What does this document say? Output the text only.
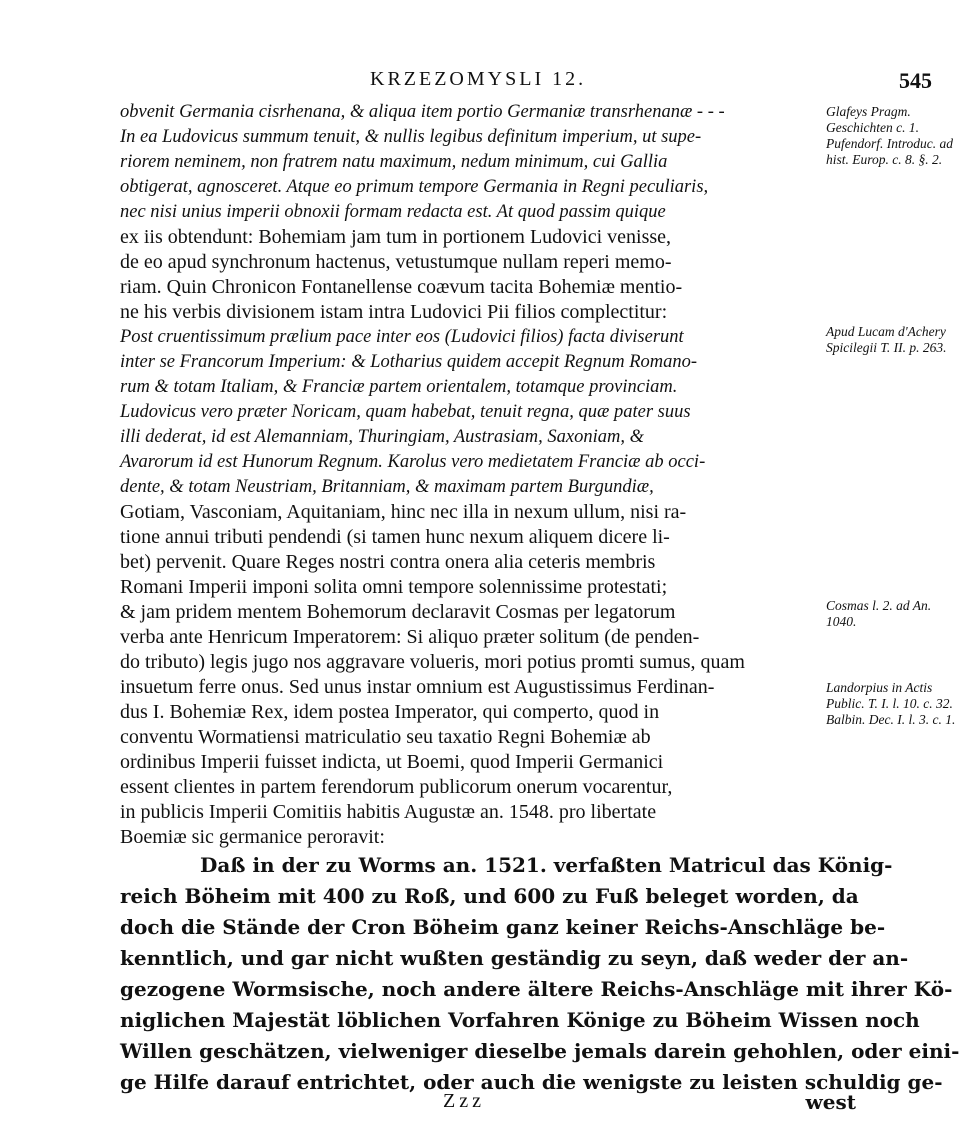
KRZEZOMYSLI 12.	545
obvenit Germania cisrhenana, & aliqua item portio Germaniæ transrhenanæ - - -
In ea Ludovicus summum tenuit, & nullis legibus definitum imperium, ut supe-
riorem neminem, non fratrem natu maximum, nedum minimum, cui Gallia
obtigerat, agnosceret. Atque eo primum tempore Germania in Regni peculiaris,
nec nisi unius imperii obnoxii formam redacta est. At quod passim quique
ex iis obtendunt: Bohemiam jam tum in portionem Ludovici venisse,
de eo apud synchronum hactenus, vetustumque nullam reperi memo-
riam. Quin Chronicon Fontanellense coævum tacita Bohemiæ mentio-
ne his verbis divisionem istam intra Ludovici Pii filios complectitur:
Post cruentissimum prælium pace inter eos (Ludovici filios) facta diviserunt
inter se Francorum Imperium: & Lotharius quidem accepit Regnum Romano-
rum & totam Italiam, & Franciæ partem orientalem, totamque provinciam.
Ludovicus vero præter Noricam, quam habebat, tenuit regna, quæ pater suus
illi dederat, id est Alemanniam, Thuringiam, Austrasiam, Saxoniam, &
Avarorum id est Hunorum Regnum. Karolus vero medietatem Franciæ ab occi-
dente, & totam Neustriam, Britanniam, & maximam partem Burgundiæ,
Gotiam, Vasconiam, Aquitaniam, hinc nec illa in nexum ullum, nisi ra-
tione annui tributi pendendi (si tamen hunc nexum aliquem dicere li-
bet) pervenit. Quare Reges nostri contra onera alia ceteris membris
Romani Imperii imponi solita omni tempore solennissime protestati;
& jam pridem mentem Bohemorum declaravit Cosmas per legatorum
verba ante Henricum Imperatorem: Si aliquo præter solitum (de penden-
do tributo) legis jugo nos aggravare volueris, mori potius promti sumus, quam
insuetum ferre onus. Sed unus instar omnium est Augustissimus Ferdinan-
dus I. Bohemiæ Rex, idem postea Imperator, qui comperto, quod in
conventu Wormatiensi matriculatio seu taxatio Regni Bohemiæ ab
ordinibus Imperii fuisset indicta, ut Boemi, quod Imperii Germanici
essent clientes in partem ferendorum publicorum onerum vocarentur,
in publicis Imperii Comitiis habitis Augustæ an. 1548. pro libertate
Boemiæ sic germanice peroravit:
Daß in der zu Worms an. 1521. verfaßten Matricul das König-
reich Böheim mit 400 zu Roß, und 600 zu Fuß beleget worden, da
doch die Stände der Cron Böheim ganz keiner Reichs-Anschläge be-
kenntlich, und gar nicht wußten geständig zu seyn, daß weder der an-
gezogene Wormsische, noch andere ältere Reichs-Anschläge mit ihrer Kö-
niglichen Majestät löblichen Vorfahren Könige zu Böheim Wissen noch
Willen geschätzen, vielweniger dieselbe jemals darein gehohlen, oder eini-
ge Hilfe darauf entrichtet, oder auch die wenigste zu leisten schuldig ge-
Glafeys Pragm. Geschichten c. 1. Pufendorf. Introduc. ad hist. Europ. c. 8. §. 2.
Apud Lucam d'Achery Spicilegii T. II. p. 263.
Cosmas l. 2. ad An. 1040.
Landorpius in Actis Public. T. I. l. 10. c. 32. Balbin. Dec. I. l. 3. c. 1.
Zzz	west
